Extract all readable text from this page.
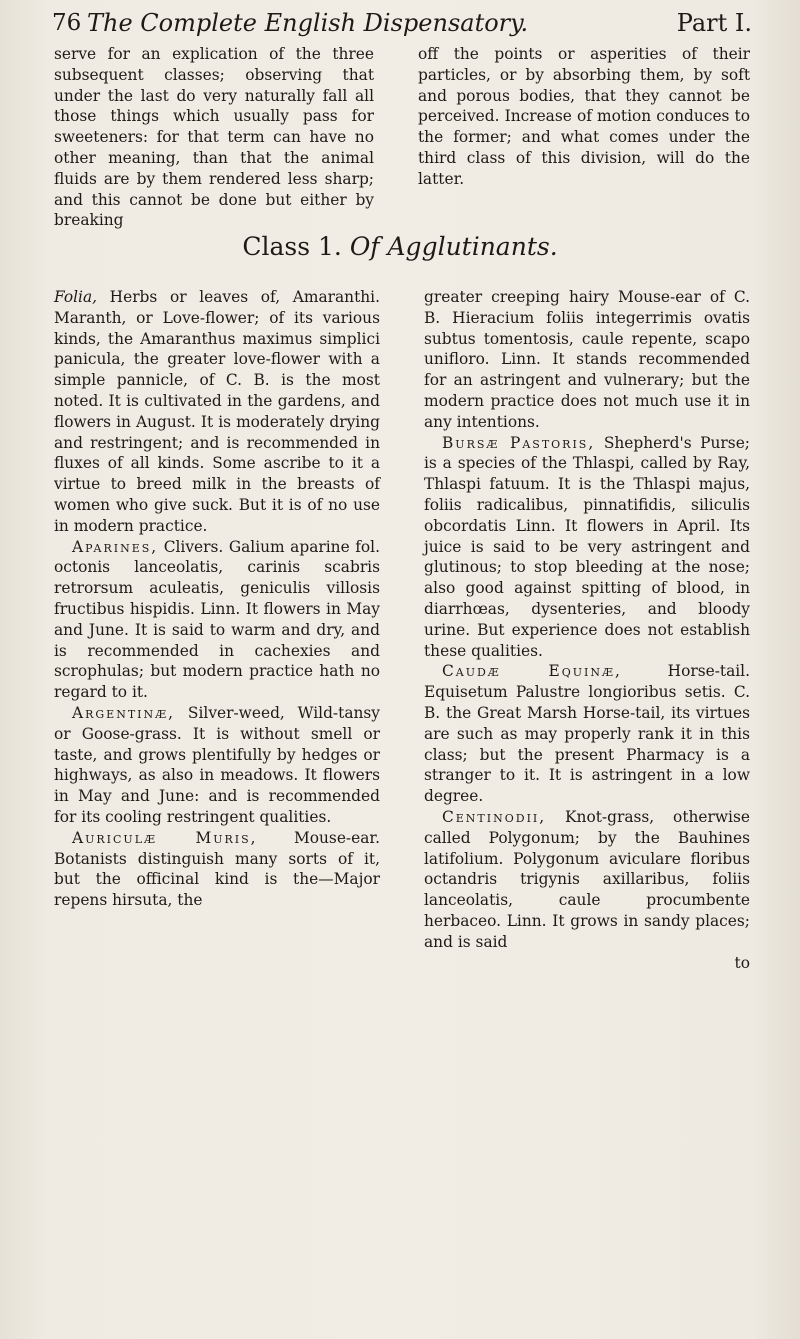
76 The Complete English Dispensatory.	Part I.

serve for an explication of the three subsequent classes; observing that under the last do very naturally fall all those things which usually pass for sweeteners: for that term can have no other meaning, than that the animal fluids are by them rendered less sharp; and this cannot be done but either by breaking

off the points or asperities of their particles, or by absorbing them, by soft and porous bodies, that they cannot be perceived. Increase of motion conduces to the former; and what comes under the third class of this division, will do the latter.

Class 1. Of Agglutinants.

Folia, Herbs or leaves of, Amaranthi. Maranth, or Love-flower; of its various kinds, the Amaranthus maximus simplici panicula, the greater love-flower with a simple pannicle, of C. B. is the most noted. It is cultivated in the gardens, and flowers in August. It is moderately drying and restringent; and is recommended in fluxes of all kinds. Some ascribe to it a virtue to breed milk in the breasts of women who give suck. But it is of no use in modern practice.

Aparines, Clivers. Galium aparine fol. octonis lanceolatis, carinis scabris retrorsum aculeatis, geniculis villosis fructibus hispidis. Linn. It flowers in May and June. It is said to warm and dry, and is recommended in cachexies and scrophulas; but modern practice hath no regard to it.

Argentinæ, Silver-weed, Wild-tansy or Goose-grass. It is without smell or taste, and grows plentifully by hedges or highways, as also in meadows. It flowers in May and June: and is recommended for its cooling restringent qualities.

Auriculæ Muris, Mouse-ear. Botanists distinguish many sorts of it, but the officinal kind is the—Major repens hirsuta, the

greater creeping hairy Mouse-ear of C. B. Hieracium foliis integerrimis ovatis subtus tomentosis, caule repente, scapo unifloro. Linn. It stands recommended for an astringent and vulnerary; but the modern practice does not much use it in any intentions.

Bursæ Pastoris, Shepherd's Purse; is a species of the Thlaspi, called by Ray, Thlaspi fatuum. It is the Thlaspi majus, foliis radicalibus, pinnatifidis, siliculis obcordatis Linn. It flowers in April. Its juice is said to be very astringent and glutinous; to stop bleeding at the nose; also good against spitting of blood, in diarrhœas, dysenteries, and bloody urine. But experience does not establish these qualities.

Caudæ Equinæ, Horse-tail. Equisetum Palustre longioribus setis. C. B. the Great Marsh Horse-tail, its virtues are such as may properly rank it in this class; but the present Pharmacy is a stranger to it. It is astringent in a low degree.

Centinodii, Knot-grass, otherwise called Polygonum; by the Bauhines latifolium. Polygonum aviculare floribus octandris trigynis axillaribus, foliis lanceolatis, caule procumbente herbaceo. Linn. It grows in sandy places; and is said

to
